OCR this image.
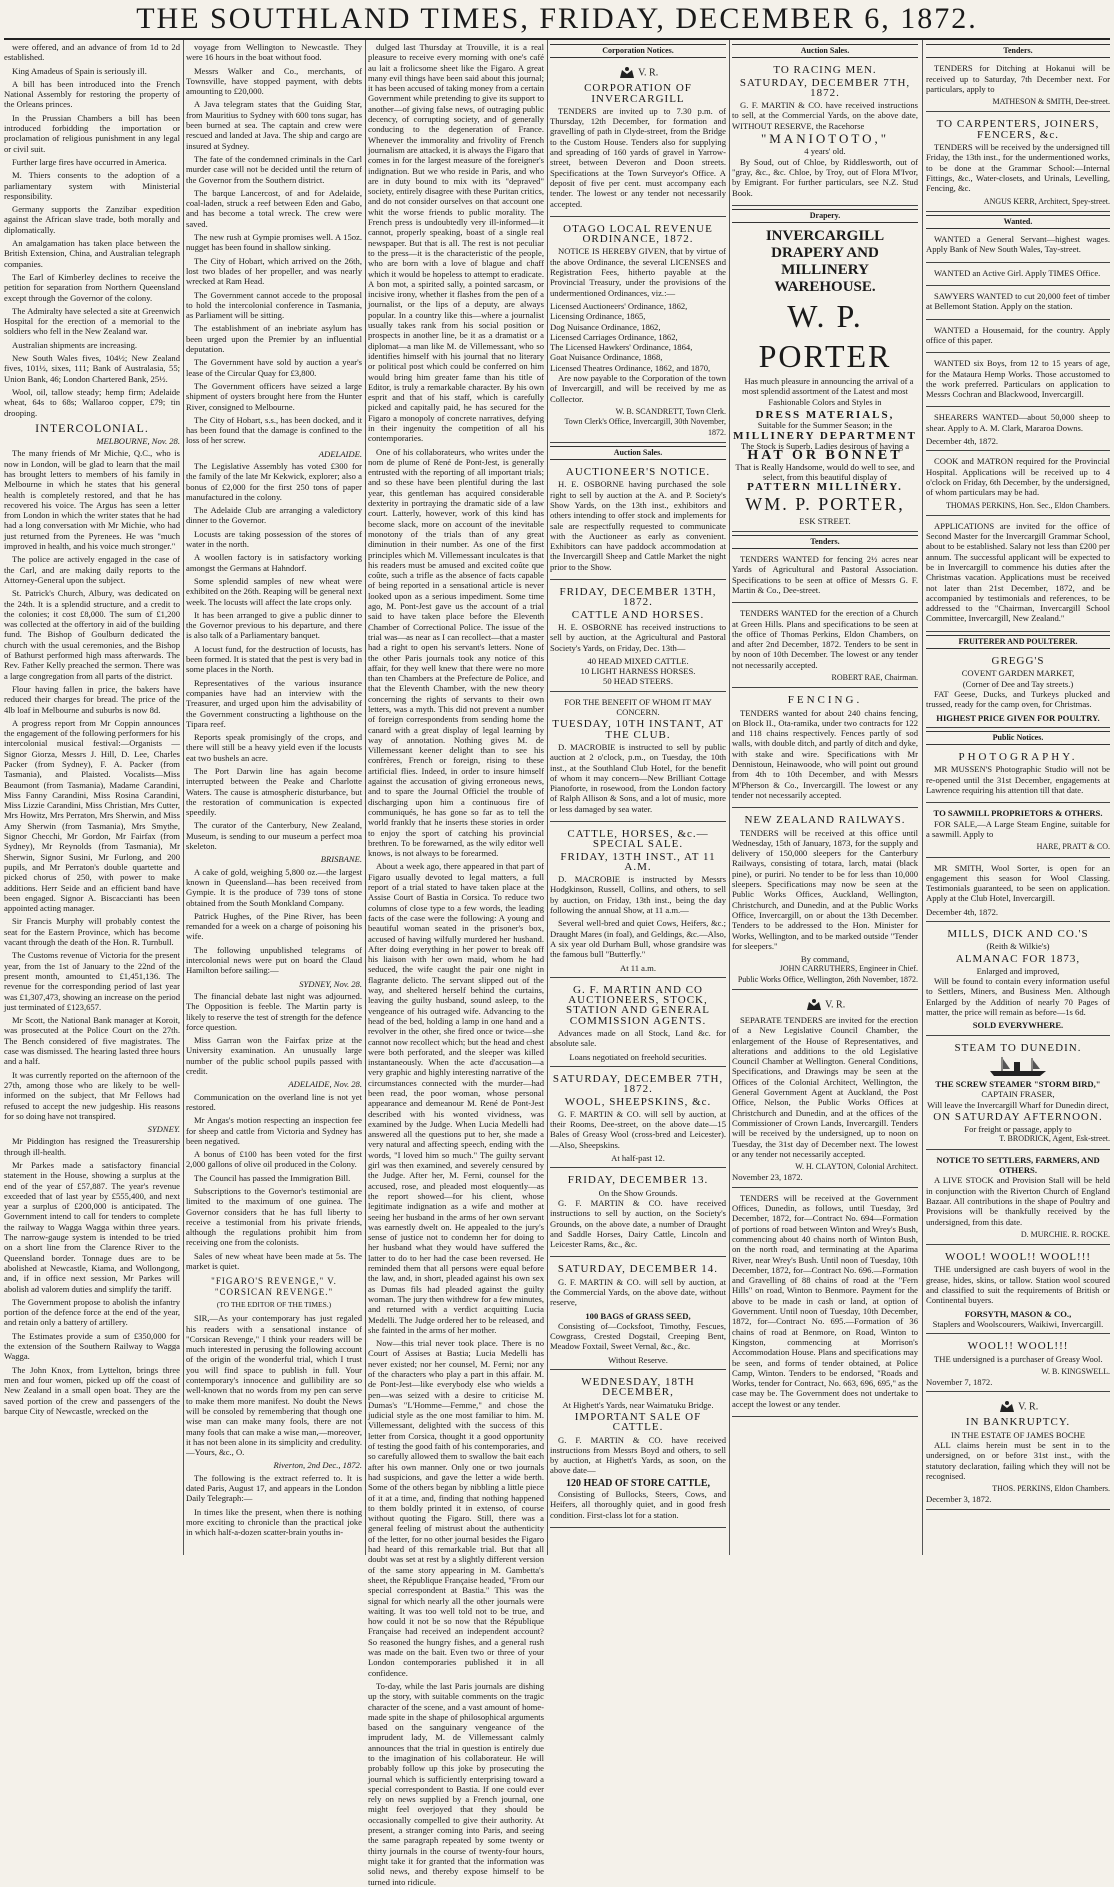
THE SOUTHLAND TIMES, FRIDAY, DECEMBER 6, 1872.

were offered, and an advance of from 1d to 2d established.

King Amadeus of Spain is seriously ill.

A bill has been introduced into the French National Assembly for restoring the property of the Orleans princes.

In the Prussian Chambers a bill has been introduced forbidding the importation or proclamation of religious punishment in any legal or civil suit.

Further large fires have occurred in America.

M. Thiers consents to the adoption of a parliamentary system with Ministerial responsibility.

Germany supports the Zanzibar expedition against the African slave trade, both morally and diplomatically.

An amalgamation has taken place between the British Extension, China, and Australian telegraph companies.

The Earl of Kimberley declines to receive the petition for separation from Northern Queensland except through the Governor of the colony.

The Admiralty have selected a site at Greenwich Hospital for the erection of a memorial to the soldiers who fell in the New Zealand war.

Australian shipments are increasing.

New South Wales fives, 104½; New Zealand fives, 101½, sixes, 111; Bank of Australasia, 55; Union Bank, 46; London Chartered Bank, 25½.

Wool, oil, tallow steady; hemp firm; Adelaide wheat, 64s to 68s; Wallaroo copper, £79; tin drooping.

INTERCOLONIAL.
MELBOURNE, Nov. 28.

The many friends of Mr Michie, Q.C., who is now in London, will be glad to learn that the mail has brought letters to members of his family in Melbourne in which he states that his general health is completely restored, and that he has recovered his voice. The Argus has seen a letter from London in which the writer states that he had had a long conversation with Mr Michie, who had just returned from the Pyrenees. He was "much improved in health, and his voice much stronger."

The police are actively engaged in the case of the Carl, and are making daily reports to the Attorney-General upon the subject.

St. Patrick's Church, Albury, was dedicated on the 24th. It is a splendid structure, and a credit to the colonies; it cost £8,000. The sum of £1,200 was collected at the offertory in aid of the building fund. The Bishop of Goulburn dedicated the church with the usual ceremonies, and the Bishop of Bathurst performed high mass afterwards. The Rev. Father Kelly preached the sermon. There was a large congregation from all parts of the district.

Flour having fallen in price, the bakers have reduced their charges for bread. The price of the 4lb loaf in Melbourne and suburbs is now 8d.

A progress report from Mr Coppin announces the engagement of the following performers for his intercolonial musical festival:—Organists — Signor Giorza, Messrs J. Hill, D. Lee, Charles Packer (from Sydney), F. A. Packer (from Tasmania), and Plaisted. Vocalists—Miss Beaumont (from Tasmania), Madame Carandini, Miss Fanny Carandini, Miss Rosina Carandini, Miss Lizzie Carandini, Miss Christian, Mrs Cutter, Mrs Howitz, Mrs Perraton, Mrs Sherwin, and Miss Amy Sherwin (from Tasmania), Mrs Smythe, Signor Checchi, Mr Gordon, Mr Fairfax (from Sydney), Mr Reynolds (from Tasmania), Mr Sherwin, Signor Susini, Mr Furlong, and 200 pupils, and Mr Perraton's double quartette and picked chorus of 250, with power to make additions. Herr Seide and an efficient band have been engaged. Signor A. Biscaccianti has been appointed acting manager.

Sir Francis Murphy will probably contest the seat for the Eastern Province, which has become vacant through the death of the Hon. R. Turnbull.

The Customs revenue of Victoria for the present year, from the 1st of January to the 22nd of the present month, amounted to £1,451,136. The revenue for the corresponding period of last year was £1,307,473, showing an increase on the period just terminated of £123,657.

Mr Scott, the National Bank manager at Koroit, was prosecuted at the Police Court on the 27th. The Bench considered of five magistrates. The case was dismissed. The hearing lasted three hours and a half.

It was currently reported on the afternoon of the 27th, among those who are likely to be well-informed on the subject, that Mr Fellows had refused to accept the new judgeship. His reasons for so doing have not transpired.

SYDNEY.

Mr Piddington has resigned the Treasurership through ill-health.

Mr Parkes made a satisfactory financial statement in the House, showing a surplus at the end of the year of £57,887. The year's revenue exceeded that of last year by £555,400, and next year a surplus of £200,000 is anticipated. The Government intend to call for tenders to complete the railway to Wagga Wagga within three years. The narrow-gauge system is intended to be tried on a short line from the Clarence River to the Queensland border. Tonnage dues are to be abolished at Newcastle, Kiama, and Wollongong, and, if in office next session, Mr Parkes will abolish ad valorem duties and simplify the tariff.

The Government propose to abolish the infantry portion of the defence force at the end of the year, and retain only a battery of artillery.

The Estimates provide a sum of £350,000 for the extension of the Southern Railway to Wagga Wagga.

The John Knox, from Lyttelton, brings three men and four women, picked up off the coast of New Zealand in a small open boat. They are the saved portion of the crew and passengers of the barque City of Newcastle, wrecked on the

voyage from Wellington to Newcastle. They were 16 hours in the boat without food.

Messrs Walker and Co., merchants, of Townsville, have stopped payment, with debts amounting to £20,000.

A Java telegram states that the Guiding Star, from Mauritius to Sydney with 600 tons sugar, has been burned at sea. The captain and crew were rescued and landed at Java. The ship and cargo are insured at Sydney.

The fate of the condemned criminals in the Carl murder case will not be decided until the return of the Governor from the Southern district.

The barque Lancercost, of and for Adelaide, coal-laden, struck a reef between Eden and Gabo, and has become a total wreck. The crew were saved.

The new rush at Gympie promises well. A 15oz. nugget has been found in shallow sinking.

The City of Hobart, which arrived on the 26th, lost two blades of her propeller, and was nearly wrecked at Ram Head.

The Government cannot accede to the proposal to hold the intercolonial conference in Tasmania, as Parliament will be sitting.

The establishment of an inebriate asylum has been urged upon the Premier by an influential deputation.

The Government have sold by auction a year's lease of the Circular Quay for £3,800.

The Government officers have seized a large shipment of oysters brought here from the Hunter River, consigned to Melbourne.

The City of Hobart, s.s., has been docked, and it has been found that the damage is confined to the loss of her screw.

ADELAIDE.

The Legislative Assembly has voted £300 for the family of the late Mr Kekwick, explorer; also a bonus of £2,000 for the first 250 tons of paper manufactured in the colony.

The Adelaide Club are arranging a valedictory dinner to the Governor.

Locusts are taking possession of the stores of water in the north.

A woollen factory is in satisfactory working amongst the Germans at Hahndorf.

Some splendid samples of new wheat were exhibited on the 26th. Reaping will be general next week. The locusts will affect the late crops only.

It has been arranged to give a public dinner to the Governor previous to his departure, and there is also talk of a Parliamentary banquet.

A locust fund, for the destruction of locusts, has been formed. It is stated that the pest is very bad in some places in the North.

Representatives of the various insurance companies have had an interview with the Treasurer, and urged upon him the advisability of the Government constructing a lighthouse on the Tipara reef.

Reports speak promisingly of the crops, and there will still be a heavy yield even if the locusts eat two bushels an acre.

The Port Darwin line has again become interrupted between the Peake and Charlotte Waters. The cause is atmospheric disturbance, but the restoration of communication is expected speedily.

The curator of the Canterbury, New Zealand, Museum, is sending to our museum a perfect moa skeleton.

BRISBANE.

A cake of gold, weighing 5,800 oz.—the largest known in Queensland—has been received from Gympie. It is the produce of 739 tons of stone obtained from the South Monkland Company.

Patrick Hughes, of the Pine River, has been remanded for a week on a charge of poisoning his wife.

The following unpublished telegrams of intercolonial news were put on board the Claud Hamilton before sailing:—

SYDNEY, Nov. 28.

The financial debate last night was adjourned. The Opposition is feeble. The Martin party is likely to reserve the test of strength for the defence force question.

Miss Garran won the Fairfax prize at the University examination. An unusually large number of the public school pupils passed with credit.

ADELAIDE, Nov. 28.

Communication on the overland line is not yet restored.

Mr Angas's motion respecting an inspection fee for sheep and cattle from Victoria and Sydney has been negatived.

A bonus of £100 has been voted for the first 2,000 gallons of olive oil produced in the Colony.

The Council has passed the Immigration Bill.

Subscriptions to the Governor's testimonial are limited to the maximum of one guinea. The Governor considers that he has full liberty to receive a testimonial from his private friends, although the regulations prohibit him from receiving one from the colonists.

Sales of new wheat have been made at 5s. The market is quiet.

"FIGARO'S REVENGE," V. "CORSICAN REVENGE."
(TO THE EDITOR OF THE TIMES.)

SIR,—As your contemporary has just regaled his readers with a sensational instance of "Corsican Revenge," I think your readers will be much interested in perusing the following account of the origin of the wonderful trial, which I trust you will find space to publish in full. Your contemporary's innocence and gullibility are so well-known that no words from my pen can serve to make them more manifest. No doubt the News will be consoled by remembering that though one wise man can make many fools, there are not many fools that can make a wise man,—moreover, it has not been alone in its simplicity and credulity.—Yours, &c., O.

Riverton, 2nd Dec., 1872.

The following is the extract referred to. It is dated Paris, August 17, and appears in the London Daily Telegraph:—

In times like the present, when there is nothing more exciting to chronicle than the practical joke in which half-a-dozen scatter-brain youths in-

dulged last Thursday at Trouville, it is a real pleasure to receive every morning with one's café au lait a frolicsome sheet like the Figaro. A great many evil things have been said about this journal; it has been accused of taking money from a certain Government while pretending to give its support to another—of giving false news, of outraging public decency, of corrupting society, and of generally conducing to the degeneration of France. Whenever the immorality and frivolity of French journalism are attacked, it is always the Figaro that comes in for the largest measure of the foreigner's indignation. But we who reside in Paris, and who are in duty bound to mix with its "depraved" society, entirely disagree with these Puritan critics, and do not consider ourselves on that account one whit the worse friends to public morality. The French press is undoubtedly very ill-informed—it cannot, properly speaking, boast of a single real newspaper. But that is all. The rest is not peculiar to the press—it is the characteristic of the people, who are born with a love of blague and chaff which it would be hopeless to attempt to eradicate. A bon mot, a spirited sally, a pointed sarcasm, or incisive irony, whether it flashes from the pen of a journalist, or the lips of a deputy, are always popular. In a country like this—where a journalist usually takes rank from his social position or prospects in another line, be it as a dramatist or a diplomat—a man like M. de Villemessant, who so identifies himself with his journal that no literary or political post which could be conferred on him would bring him greater fame than his title of Editor, is truly a remarkable character. By his own esprit and that of his staff, which is carefully picked and capitally paid, he has secured for the Figaro a monopoly of concrete narratives, defying in their ingenuity the competition of all his contemporaries.

One of his collaborateurs, who writes under the nom de plume of René de Pont-Jest, is generally entrusted with the reporting of all important trials; and so these have been plentiful during the last year, this gentleman has acquired considerable dexterity in portraying the dramatic side of a law court. Latterly, however, work of this kind has become slack, more on account of the inevitable monotony of the trials than of any great diminution in their number. As one of the first principles which M. Villemessant inculcates is that his readers must be amused and excited coûte que coûte, such a trifle as the absence of facts capable of being reported in a sensational article is never looked upon as a serious impediment. Some time ago, M. Pont-Jest gave us the account of a trial said to have taken place before the Eleventh Chamber of Correctional Police. The issue of the trial was—as near as I can recollect—that a master had a right to open his servant's letters. None of the other Paris journals took any notice of this affair, for they well knew that there were no more than ten Chambers at the Prefecture de Police, and that the Eleventh Chamber, with the new theory concerning the rights of servants to their own letters, was a myth. This did not prevent a number of foreign correspondents from sending home the canard with a great display of legal learning by way of annotation. Nothing gives M. de Villemessant keener delight than to see his confrères, French or foreign, rising to these artificial flies. Indeed, in order to insure himself against the accusation of giving erroneous news, and to spare the Journal Officiel the trouble of discharging upon him a continuous fire of communiqués, he has gone so far as to tell the world frankly that he inserts these stories in order to enjoy the sport of catching his provincial brethren. To be forewarned, as the wily editor well knows, is not always to be forearmed.

About a week ago, there appeared in that part of Figaro usually devoted to legal matters, a full report of a trial stated to have taken place at the Assise Court of Bastia in Corsica. To reduce two columns of close type to a few words, the leading facts of the case were the following: A young and beautiful woman seated in the prisoner's box, accused of having wilfully murdered her husband. After doing everything in her power to break off his liaison with her own maid, whom he had seduced, the wife caught the pair one night in flagrante delicto. The servant slipped out of the way, and sheltered herself behind the curtains, leaving the guilty husband, sound asleep, to the vengeance of his outraged wife. Advancing to the head of the bed, holding a lamp in one hand and a revolver in the other, she fired once or twice—she cannot now recollect which; but the head and chest were both perforated, and the sleeper was killed instantaneously. When the acte d'accusation—a very graphic and highly interesting narrative of the circumstances connected with the murder—had been read, the poor woman, whose personal appearance and demeanour M. René de Pont-Jest described with his wonted vividness, was examined by the Judge. When Lucia Medelli had answered all the questions put to her, she made a very natural and affecting speech, ending with the words, "I loved him so much." The guilty servant girl was then examined, and severely censured by the Judge. After her, M. Ferni, counsel for the accused, rose, and pleaded most eloquently—as the report showed—for his client, whose legitimate indignation as a wife and mother at seeing her husband in the arms of her own servant was earnestly dwelt on. He appealed to the jury's sense of justice not to condemn her for doing to her husband what they would have suffered the latter to do to her had the case been reversed. He reminded them that all persons were equal before the law, and, in short, pleaded against his own sex as Dumas fils had pleaded against the guilty woman. The jury then withdrew for a few minutes, and returned with a verdict acquitting Lucia Medelli. The Judge ordered her to be released, and she fainted in the arms of her mother.

Now—this trial never took place. There is no Court of Assises at Bastia; Lucia Medelli has never existed; nor her counsel, M. Ferni; nor any of the characters who play a part in this affair. M. de Pont-Jest—like everybody else who wields a pen—was seized with a desire to criticise M. Dumas's "L'Homme—Femme," and chose the judicial style as the one most familiar to him. M. Villemessant, delighted with the success of this letter from Corsica, thought it a good opportunity of testing the good faith of his contemporaries, and so carefully allowed them to swallow the bait each after his own manner. Only one or two journals had suspicions, and gave the letter a wide berth. Some of the others began by nibbling a little piece of it at a time, and, finding that nothing happened to them boldly printed it in extenso, of course without quoting the Figaro. Still, there was a general feeling of mistrust about the authenticity of the letter, for no other journal besides the Figaro had heard of this remarkable trial. But that all doubt was set at rest by a slightly different version of the same story appearing in M. Gambetta's sheet, the République Française headed, "From our special correspondent at Bastia." This was the signal for which nearly all the other journals were waiting. It was too well told not to be true, and how could it not be so now that the République Française had received an independent account? So reasoned the hungry fishes, and a general rush was made on the bait. Even two or three of your London contemporaries published it in all confidence.

To-day, while the last Paris journals are dishing up the story, with suitable comments on the tragic character of the scene, and a vast amount of home-made spite in the shape of philosophical arguments based on the sanguinary vengeance of the imprudent lady, M. de Villemessant calmly announces that the trial in question is entirely due to the imagination of his collaborateur. He will probably follow up this joke by prosecuting the journal which is sufficiently enterprising toward a special correspondent to Bastia. If one could ever rely on news supplied by a French journal, one might feel overjoyed that they should be occasionally compelled to give their authority. At present, a stranger coming into Paris, and seeing the same paragraph repeated by some twenty or thirty journals in the course of twenty-four hours, might take it for granted that the information was solid news, and thereby expose himself to be turned into ridicule.

Corporation Notices.
V. R.
CORPORATION OF INVERCARGILL

TENDERS are invited up to 7.30 p.m. of Thursday, 12th December, for formation and gravelling of path in Clyde-street, from the Bridge to the Custom House. Tenders also for supplying and spreading of 160 yards of gravel in Yarrow-street, between Deveron and Doon streets. Specifications at the Town Surveyor's Office. A deposit of five per cent. must accompany each tender. The lowest or any tender not necessarily accepted.

OTAGO LOCAL REVENUE ORDINANCE, 1872.

NOTICE IS HEREBY GIVEN, that by virtue of the above Ordinance, the several LICENSES and Registration Fees, hitherto payable at the Provincial Treasury, under the provisions of the undermentioned Ordinances, viz.:—

Licensed Auctioneers' Ordinance, 1862,
Licensing Ordinance, 1865,
Dog Nuisance Ordinance, 1862,
Licensed Carriages Ordinance, 1862,
The Licensed Hawkers' Ordinance, 1864,
Goat Nuisance Ordinance, 1868,
Licensed Theatres Ordinance, 1862, and 1870,

Are now payable to the Corporation of the town of Invercargill, and will be received by me as Collector.

W. B. SCANDRETT, Town Clerk.
Town Clerk's Office, Invercargill, 30th November, 1872.
Auction Sales.
AUCTIONEER'S NOTICE.

H. E. OSBORNE having purchased the sole right to sell by auction at the A. and P. Society's Show Yards, on the 13th inst., exhibitors and others intending to offer stock and implements for sale are respectfully requested to communicate with the Auctioneer as early as convenient. Exhibitors can have paddock accommodation at the Invercargill Sheep and Cattle Market the night prior to the Show.

FRIDAY, DECEMBER 13TH, 1872.
CATTLE AND HORSES.

H. E. OSBORNE has received instructions to sell by auction, at the Agricultural and Pastoral Society's Yards, on Friday, Dec. 13th—

40 HEAD MIXED CATTLE.
10 LIGHT HARNESS HORSES.
50 HEAD STEERS.
FOR THE BENEFIT OF WHOM IT MAY CONCERN.
TUESDAY, 10TH INSTANT, AT THE CLUB.

D. MACROBIE is instructed to sell by public auction at 2 o'clock, p.m., on Tuesday, the 10th inst., at the Southland Club Hotel, for the benefit of whom it may concern—New Brilliant Cottage Pianoforte, in rosewood, from the London factory of Ralph Allison & Sons, and a lot of music, more or less damaged by sea water.

CATTLE, HORSES, &c.—SPECIAL SALE.
FRIDAY, 13TH INST., AT 11 A.M.

D. MACROBIE is instructed by Messrs Hodgkinson, Russell, Collins, and others, to sell by auction, on Friday, 13th inst., being the day following the annual Show, at 11 a.m.—

Several well-bred and quiet Cows, Heifers, &c.; Draught Mares (in foal), and Geldings, &c.—Also, A six year old Durham Bull, whose grandsire was the famous bull "Butterfly."

At 11 a.m.
G. F. MARTIN AND CO AUCTIONEERS, STOCK, STATION AND GENERAL COMMISSION AGENTS.

Advances made on all Stock, Land &c. for absolute sale.

Loans negotiated on freehold securities.
SATURDAY, DECEMBER 7TH, 1872.
WOOL, SHEEPSKINS, &c.

G. F. MARTIN & CO. will sell by auction, at their Rooms, Dee-street, on the above date—15 Bales of Greasy Wool (cross-bred and Leicester).—Also, Sheepskins.

At half-past 12.
FRIDAY, DECEMBER 13.
On the Show Grounds.

G. F. MARTIN & CO. have received instructions to sell by auction, on the Society's Grounds, on the above date, a number of Draught and Saddle Horses, Dairy Cattle, Lincoln and Leicester Rams, &c., &c.

SATURDAY, DECEMBER 14.

G. F. MARTIN & CO. will sell by auction, at the Commercial Yards, on the above date, without reserve,

100 BAGS of GRASS SEED,

Consisting of—Cocksfoot, Timothy, Fescues, Cowgrass, Crested Dogstail, Creeping Bent, Meadow Foxtail, Sweet Vernal, &c., &c.

Without Reserve.
WEDNESDAY, 18TH DECEMBER,
At Highett's Yards, near Waimatuku Bridge.
IMPORTANT SALE OF CATTLE.

G. F. MARTIN & CO. have received instructions from Messrs Boyd and others, to sell by auction, at Highett's Yards, as soon, on the above date—

120 HEAD OF STORE CATTLE,

Consisting of Bullocks, Steers, Cows, and Heifers, all thoroughly quiet, and in good fresh condition. First-class lot for a station.

Auction Sales.
TO RACING MEN.
SATURDAY, DECEMBER 7TH, 1872.

G. F. MARTIN & CO. have received instructions to sell, at the Commercial Yards, on the above date, WITHOUT RESERVE, the Racehorse

"MANIOTOTO,"
4 years' old.

By Soud, out of Chloe, by Riddlesworth, out of "gray, &c., &c. Chloe, by Troy, out of Flora M'Ivor, by Emigrant. For further particulars, see N.Z. Stud Book.

Drapery.
INVERCARGILL DRAPERY AND MILLINERY WAREHOUSE.
W. P. PORTER

Has much pleasure in announcing the arrival of a most splendid assortment of the Latest and most Fashionable Colors and Styles in

DRESS MATERIALS,
Suitable for the Summer Season; in the
MILLINERY DEPARTMENT
The Stock is Superb. Ladies desirous of having a
HAT OR BONNET
That is Really Handsome, would do well to see, and select, from this beautiful display of
PATTERN MILLINERY.
WM. P. PORTER,
ESK STREET.
Tenders.

TENDERS WANTED for fencing 2½ acres near Yards of Agricultural and Pastoral Association. Specifications to be seen at office of Messrs G. F. Martin & Co., Dee-street.

TENDERS WANTED for the erection of a Church at Green Hills. Plans and specifications to be seen at the office of Thomas Perkins, Eldon Chambers, on and after 2nd December, 1872. Tenders to be sent in by noon of 10th December. The lowest or any tender not necessarily accepted.

ROBERT RAE, Chairman.
FENCING.

TENDERS wanted for about 240 chains fencing, on Block II., Ota-ramika, under two contracts for 122 and 118 chains respectively. Fences partly of sod walls, with double ditch, and partly of ditch and dyke, with stake and wire. Specifications with Mr Dennistoun, Heinawoode, who will point out ground from 4th to 10th December, and with Messrs M'Pherson & Co., Invercargill. The lowest or any tender not necessarily accepted.

NEW ZEALAND RAILWAYS.

TENDERS will be received at this office until Wednesday, 15th of January, 1873, for the supply and delivery of 150,000 sleepers for the Canterbury Railways, consisting of totara, larch, matai (black pine), or puriri. No tender to be for less than 10,000 sleepers. Specifications may now be seen at the Public Works Offices, Auckland, Wellington, Christchurch, and Dunedin, and at the Public Works Office, Invercargill, on or about the 13th December. Tenders to be addressed to the Hon. Minister for Works, Wellington, and to be marked outside "Tender for sleepers."

By command,
JOHN CARRUTHERS, Engineer in Chief.
Public Works Office, Wellington, 26th November, 1872.
V. R.

SEPARATE TENDERS are invited for the erection of a New Legislative Council Chamber, the enlargement of the House of Representatives, and alterations and additions to the old Legislative Council Chamber at Wellington. General Conditions, Specifications, and Drawings may be seen at the Offices of the Colonial Architect, Wellington, the General Government Agent at Auckland, the Post Office, Nelson, the Public Works Offices at Christchurch and Dunedin, and at the offices of the Commissioner of Crown Lands, Invercargill. Tenders will be received by the undersigned, up to noon on Tuesday, the 31st day of December next. The lowest or any tender not necessarily accepted.

W. H. CLAYTON, Colonial Architect.
November 23, 1872.

TENDERS will be received at the Government Offices, Dunedin, as follows, until Tuesday, 3rd December, 1872, for—Contract No. 694—Formation of portions of road between Winton and Wrey's Bush, commencing about 40 chains north of Winton Bush, on the north road, and terminating at the Aparima River, near Wrey's Bush. Until noon of Tuesday, 10th December, 1872, for—Contract No. 696.—Formation and Gravelling of 88 chains of road at the "Fern Hills" on road, Winton to Benmore. Payment for the above to be made in cash or land, at option of Government. Until noon of Tuesday, 10th December, 1872, for—Contract No. 695.—Formation of 36 chains of road at Benmore, on Road, Winton to Kingston, commencing at Morrison's Accommodation House. Plans and specifications may be seen, and forms of tender obtained, at Police Camp, Winton. Tenders to be endorsed, "Roads and Works, tender for Contract, No. 663, 696, 695," as the case may be. The Government does not undertake to accept the lowest or any tender.

Tenders.

TENDERS for Ditching at Hokanui will be received up to Saturday, 7th December next. For particulars, apply to

MATHESON & SMITH, Dee-street.
TO CARPENTERS, JOINERS, FENCERS, &c.

TENDERS will be received by the undersigned till Friday, the 13th inst., for the undermentioned works, to be done at the Grammar School:—Internal Fittings, &c., Water-closets, and Urinals, Levelling, Fencing, &c.

ANGUS KERR, Architect, Spey-street.
Wanted.

WANTED a General Servant—highest wages. Apply Bank of New South Wales, Tay-street.

WANTED an Active Girl. Apply TIMES Office.

SAWYERS WANTED to cut 20,000 feet of timber at Bellemont Station. Apply on the station.

WANTED a Housemaid, for the country. Apply office of this paper.

WANTED six Boys, from 12 to 15 years of age, for the Mataura Hemp Works. Those accustomed to the work preferred. Particulars on application to Messrs Cochran and Blackwood, Invercargill.

SHEARERS WANTED—about 50,000 sheep to shear. Apply to A. M. Clark, Mararoa Downs.

December 4th, 1872.

COOK and MATRON required for the Provincial Hospital. Applications will be received up to 4 o'clock on Friday, 6th December, by the undersigned, of whom particulars may be had.

THOMAS PERKINS, Hon. Sec., Eldon Chambers.

APPLICATIONS are invited for the office of Second Master for the Invercargill Grammar School, about to be established. Salary not less than £200 per annum. The successful applicant will be expected to be in Invercargill to commence his duties after the Christmas vacation. Applications must be received not later than 21st December, 1872, and be accompanied by testimonials and references, to be addressed to the "Chairman, Invercargill School Committee, Invercargill, New Zealand."

FRUITERER AND POULTERER.
GREGG'S
COVENT GARDEN MARKET,
(Corner of Dee and Tay streets.)

FAT Geese, Ducks, and Turkeys plucked and trussed, ready for the camp oven, for Christmas.

HIGHEST PRICE GIVEN FOR POULTRY.
Public Notices.
PHOTOGRAPHY.

MR MUSSEN'S Photographic Studio will not be re-opened until the 31st December, engagements at Lawrence requiring his attention till that date.

TO SAWMILL PROPRIETORS & OTHERS.

FOR SALE,—A Large Steam Engine, suitable for a sawmill. Apply to

HARE, PRATT & CO.

MR SMITH, Wool Sorter, is open for an engagement this season for Wool Classing. Testimonials guaranteed, to be seen on application. Apply at the Club Hotel, Invercargill.

December 4th, 1872.
MILLS, DICK AND CO.'S
(Reith & Wilkie's)
ALMANAC FOR 1873,
Enlarged and improved,

Will be found to contain every information useful to Settlers, Miners, and Business Men. Although Enlarged by the Addition of nearly 70 Pages of matter, the price will remain as before—1s 6d.

SOLD EVERYWHERE.
STEAM TO DUNEDIN.
THE SCREW STEAMER "STORM BIRD,"
CAPTAIN FRASER,
Will leave the Invercargill Wharf for Dunedin direct,
ON SATURDAY AFTERNOON.
For freight or passage, apply to
T. BRODRICK, Agent, Esk-street.
NOTICE TO SETTLERS, FARMERS, AND OTHERS.

A LIVE STOCK and Provision Stall will be held in conjunction with the Riverton Church of England Bazaar. All contributions in the shape of Poultry and Provisions will be thankfully received by the undersigned, from this date.

D. MURCHIE. R. ROCKE.
WOOL! WOOL!! WOOL!!!

THE undersigned are cash buyers of wool in the grease, hides, skins, or tallow. Station wool scoured and classified to suit the requirements of British or Continental buyers.

FORSYTH, MASON & CO.,
Staplers and Woolscourers, Waikiwi, Invercargill.
WOOL!! WOOL!!!

THE undersigned is a purchaser of Greasy Wool.

W. B. KINGSWELL.
November 7, 1872.
V. R.
IN BANKRUPTCY.
IN THE ESTATE OF JAMES BOCHE

ALL claims herein must be sent in to the undersigned, on or before 31st inst., with the statutory declaration, failing which they will not be recognised.

THOS. PERKINS, Eldon Chambers.
December 3, 1872.
